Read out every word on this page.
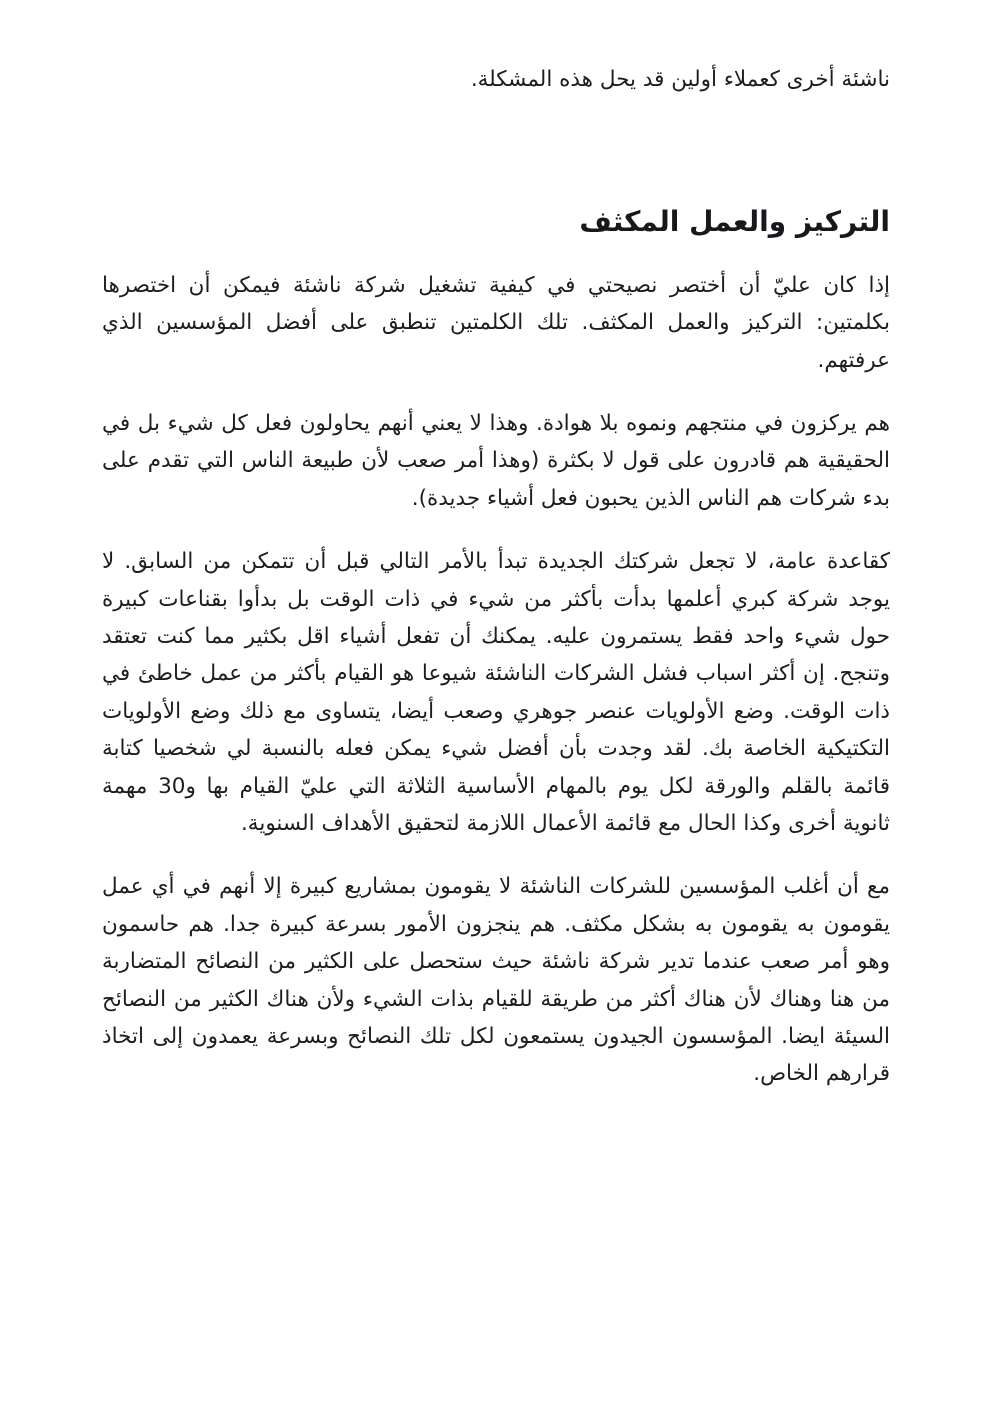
ناشئة أخرى كعملاء أولين قد يحل هذه المشكلة.

التركيز والعمل المكثف

إذا كان عليّ أن أختصر نصيحتي في كيفية تشغيل شركة ناشئة فيمكن أن اختصرها بكلمتين: التركيز والعمل المكثف. تلك الكلمتين تنطبق على أفضل المؤسسين الذي عرفتهم.

هم يركزون في منتجهم ونموه بلا هوادة. وهذا لا يعني أنهم يحاولون فعل كل شيء بل في الحقيقية هم قادرون على قول لا بكثرة (وهذا أمر صعب لأن طبيعة الناس التي تقدم على بدء شركات هم الناس الذين يحبون فعل أشياء جديدة).

كقاعدة عامة، لا تجعل شركتك الجديدة تبدأ بالأمر التالي قبل أن تتمكن من السابق. لا يوجد شركة كبري أعلمها بدأت بأكثر من شيء في ذات الوقت بل بدأوا بقناعات كبيرة حول شيء واحد فقط يستمرون عليه. يمكنك أن تفعل أشياء اقل بكثير مما كنت تعتقد وتنجح. إن أكثر اسباب فشل الشركات الناشئة شيوعا هو القيام بأكثر من عمل خاطئ في ذات الوقت. وضع الأولويات عنصر جوهري وصعب أيضا، يتساوى مع ذلك وضع الأولويات التكتيكية الخاصة بك. لقد وجدت بأن أفضل شيء يمكن فعله بالنسبة لي شخصيا كتابة قائمة بالقلم والورقة لكل يوم بالمهام الأساسية الثلاثة التي عليّ القيام بها و30 مهمة ثانوية أخرى وكذا الحال مع قائمة الأعمال اللازمة لتحقيق الأهداف السنوية.

مع أن أغلب المؤسسين للشركات الناشئة لا يقومون بمشاريع كبيرة إلا أنهم في أي عمل يقومون به يقومون به بشكل مكثف. هم ينجزون الأمور بسرعة كبيرة جدا. هم حاسمون وهو أمر صعب عندما تدير شركة ناشئة حيث ستحصل على الكثير من النصائح المتضاربة من هنا وهناك لأن هناك أكثر من طريقة للقيام بذات الشيء ولأن هناك الكثير من النصائح السيئة ايضا. المؤسسون الجيدون يستمعون لكل تلك النصائح وبسرعة يعمدون إلى اتخاذ قرارهم الخاص.
